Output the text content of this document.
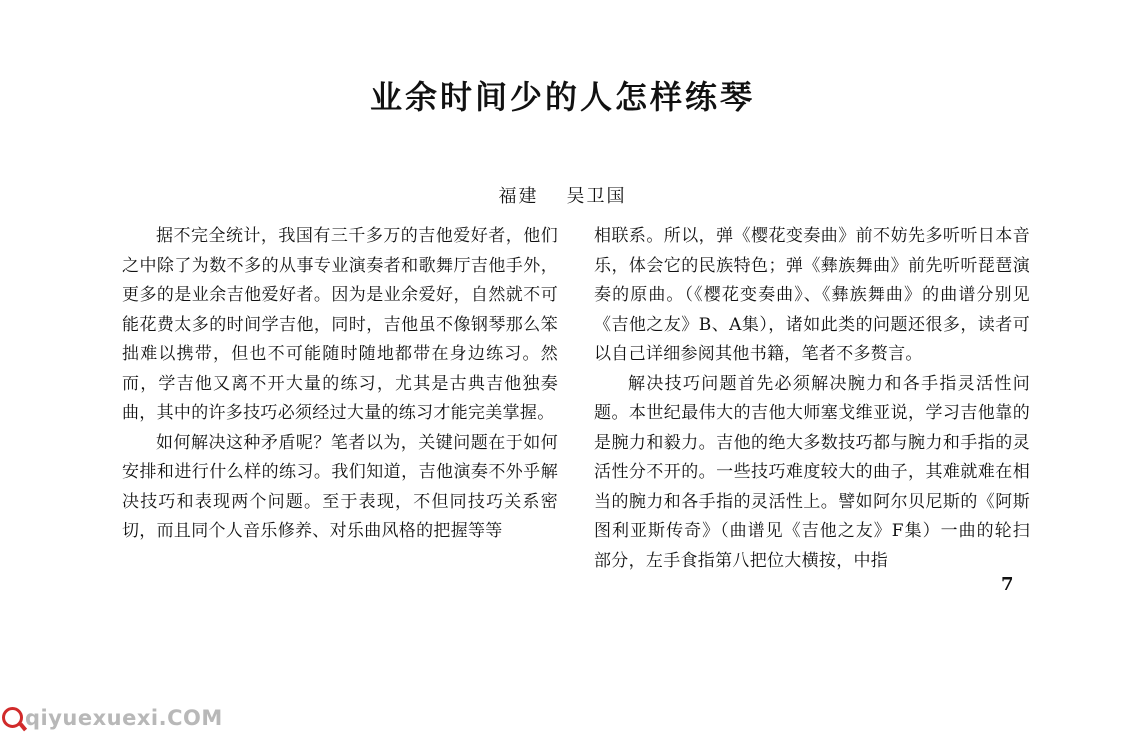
业余时间少的人怎样练琴
福建 吴卫国

据不完全统计，我国有三千多万的吉他爱好者，他们之中除了为数不多的从事专业演奏者和歌舞厅吉他手外，更多的是业余吉他爱好者。因为是业余爱好，自然就不可能花费太多的时间学吉他，同时，吉他虽不像钢琴那么笨拙难以携带，但也不可能随时随地都带在身边练习。然而，学吉他又离不开大量的练习，尤其是古典吉他独奏曲，其中的许多技巧必须经过大量的练习才能完美掌握。

如何解决这种矛盾呢？笔者以为，关键问题在于如何安排和进行什么样的练习。我们知道，吉他演奏不外乎解决技巧和表现两个问题。至于表现，不但同技巧关系密切，而且同个人音乐修养、对乐曲风格的把握等等

相联系。所以，弹《樱花变奏曲》前不妨先多听听日本音乐，体会它的民族特色；弹《彝族舞曲》前先听听琵琶演奏的原曲。（《樱花变奏曲》、《彝族舞曲》的曲谱分别见《吉他之友》B、A集），诸如此类的问题还很多，读者可以自己详细参阅其他书籍，笔者不多赘言。

解决技巧问题首先必须解决腕力和各手指灵活性问题。本世纪最伟大的吉他大师塞戈维亚说，学习吉他靠的是腕力和毅力。吉他的绝大多数技巧都与腕力和手指的灵活性分不开的。一些技巧难度较大的曲子，其难就难在相当的腕力和各手指的灵活性上。譬如阿尔贝尼斯的《阿斯图利亚斯传奇》（曲谱见《吉他之友》F集）一曲的轮扫部分，左手食指第八把位大横按，中指

7
qiyuexuexi.COM
